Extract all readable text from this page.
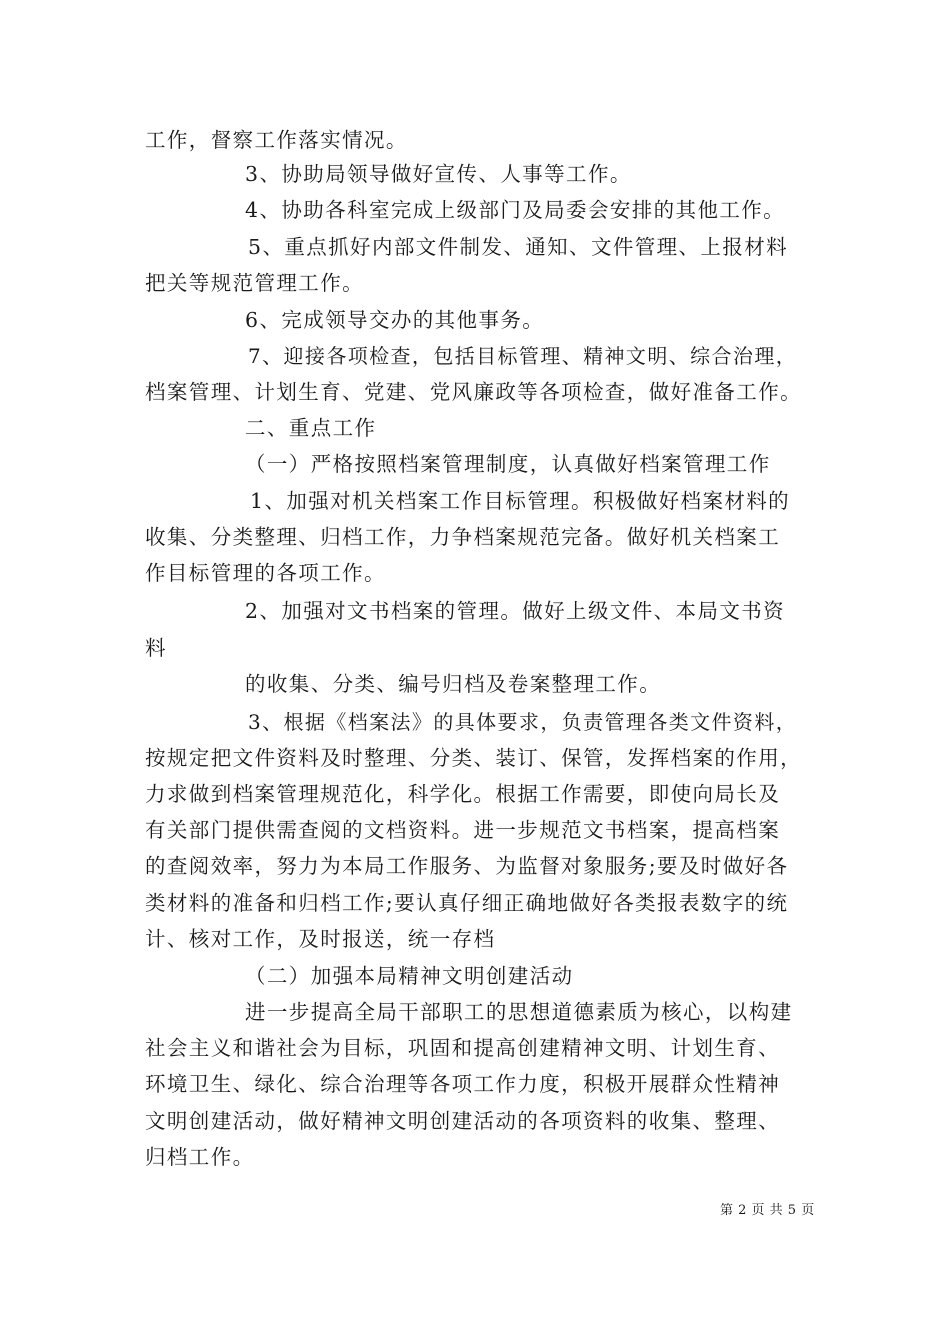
工作，督察工作落实情况。
3、协助局领导做好宣传、人事等工作。
4、协助各科室完成上级部门及局委会安排的其他工作。
5、重点抓好内部文件制发、通知、文件管理、上报材料
把关等规范管理工作。
6、完成领导交办的其他事务。
7、迎接各项检查，包括目标管理、精神文明、综合治理，
档案管理、计划生育、党建、党风廉政等各项检查，做好准备工作。
二、重点工作
（一）严格按照档案管理制度，认真做好档案管理工作
1、加强对机关档案工作目标管理。积极做好档案材料的
收集、分类整理、归档工作，力争档案规范完备。做好机关档案工
作目标管理的各项工作。
2、加强对文书档案的管理。做好上级文件、本局文书资
料
的收集、分类、编号归档及卷案整理工作。
3、根据《档案法》的具体要求，负责管理各类文件资料，
按规定把文件资料及时整理、分类、装订、保管，发挥档案的作用，
力求做到档案管理规范化，科学化。根据工作需要，即使向局长及
有关部门提供需查阅的文档资料。进一步规范文书档案，提高档案
的查阅效率，努力为本局工作服务、为监督对象服务;要及时做好各
类材料的准备和归档工作;要认真仔细正确地做好各类报表数字的统
计、核对工作，及时报送，统一存档
（二）加强本局精神文明创建活动
进一步提高全局干部职工的思想道德素质为核心，以构建
社会主义和谐社会为目标，巩固和提高创建精神文明、计划生育、
环境卫生、绿化、综合治理等各项工作力度，积极开展群众性精神
文明创建活动，做好精神文明创建活动的各项资料的收集、整理、
归档工作。
第 2 页 共 5 页
